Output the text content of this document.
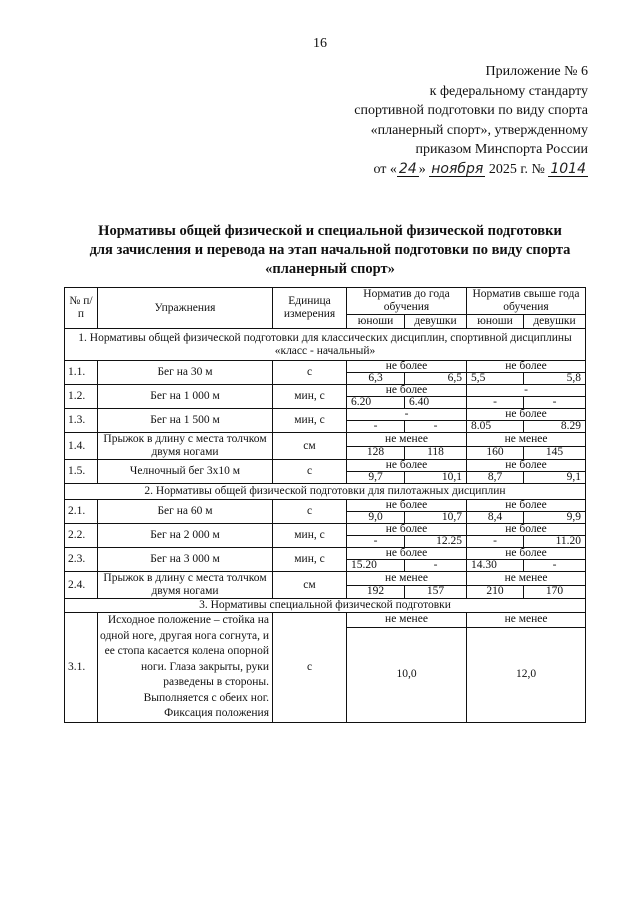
16
Приложение № 6
к федеральному стандарту
спортивной подготовки по виду спорта
«планерный спорт», утвержденному
приказом Минспорта России
от « 24 » ноября 2025 г. № 1014
Нормативы общей физической и специальной физической подготовки
для зачисления и перевода на этап начальной подготовки по виду спорта
«планерный спорт»
№ п/п	Упражнения	Единица измерения	Норматив до года обучения		Норматив свыше года обучения	
			юноши	девушки	юноши	девушки
1. Нормативы общей физической подготовки для классических дисциплин, спортивной дисциплины «класс - начальный»						
1.1.	Бег на 30 м	с	не более		не более	
			6,3	6,5	5,5	5,8
1.2.	Бег на 1 000 м	мин, с	не более		-	
			6.20	6.40	-	-
1.3.	Бег на 1 500 м	мин, с	-		не более	
			-	-	8.05	8.29
1.4.	Прыжок в длину с места толчком двумя ногами	см	не менее		не менее	
			128	118	160	145
1.5.	Челночный бег 3x10 м	с	не более		не более	
			9,7	10,1	8,7	9,1
2. Нормативы общей физической подготовки для пилотажных дисциплин						
2.1.	Бег на 60 м	с	не более		не более	
			9,0	10,7	8,4	9,9
2.2.	Бег на 2 000 м	мин, с	не более		не более	
			-	12.25	-	11.20
2.3.	Бег на 3 000 м	мин, с	не более		не более	
			15.20	-	14.30	-
2.4.	Прыжок в длину с места толчком двумя ногами	см	не менее		не менее	
			192	157	210	170
3. Нормативы специальной физической подготовки						
3.1.	Исходное положение – стойка на одной ноге, другая нога согнута, и ее стопа касается колена опорной ноги. Глаза закрыты, руки разведены в стороны. Выполняется с обеих ног. Фиксация положения	с	не менее		не менее	
			10,0		12,0	
